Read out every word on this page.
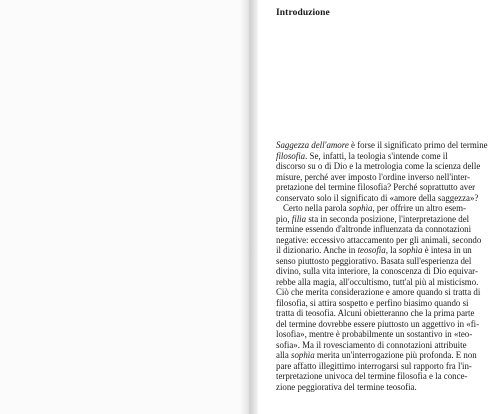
Introduzione
Saggezza dell'amore è forse il significato primo del termine
filosofia. Se, infatti, la teologia s'intende come il
discorso su o di Dio e la metrologia come la scienza delle
misure, perché aver imposto l'ordine inverso nell'inter-
pretazione del termine filosofia? Perché soprattutto aver
conservato solo il significato di «amore della saggezza»?
Certo nella parola sophìa, per offrire un altro esem-
pio, filìa sta in seconda posizione, l'interpretazione del
termine essendo d'altronde influenzata da connotazioni
negative: eccessivo attaccamento per gli animali, secondo
il dizionario. Anche in teosofia, la sophìa è intesa in un
senso piuttosto peggiorativo. Basata sull'esperienza del
divino, sulla vita interiore, la conoscenza di Dio equivar-
rebbe alla magia, all'occultismo, tutt'al più al misticismo.
Ciò che merita considerazione e amore quando si tratta di
filosofia, si attira sospetto e perfino biasimo quando si
tratta di teosofia. Alcuni obietteranno che la prima parte
del termine dovrebbe essere piuttosto un aggettivo in «fi-
losofia», mentre è probabilmente un sostantivo in «teo-
sofia». Ma il rovesciamento di connotazioni attribuite
alla sophìa merita un'interrogazione più profonda. E non
pare affatto illegittimo interrogarsi sul rapporto fra l'in-
terpretazione univoca del termine filosofia e la conce-
zione peggiorativa del termine teosofia.
